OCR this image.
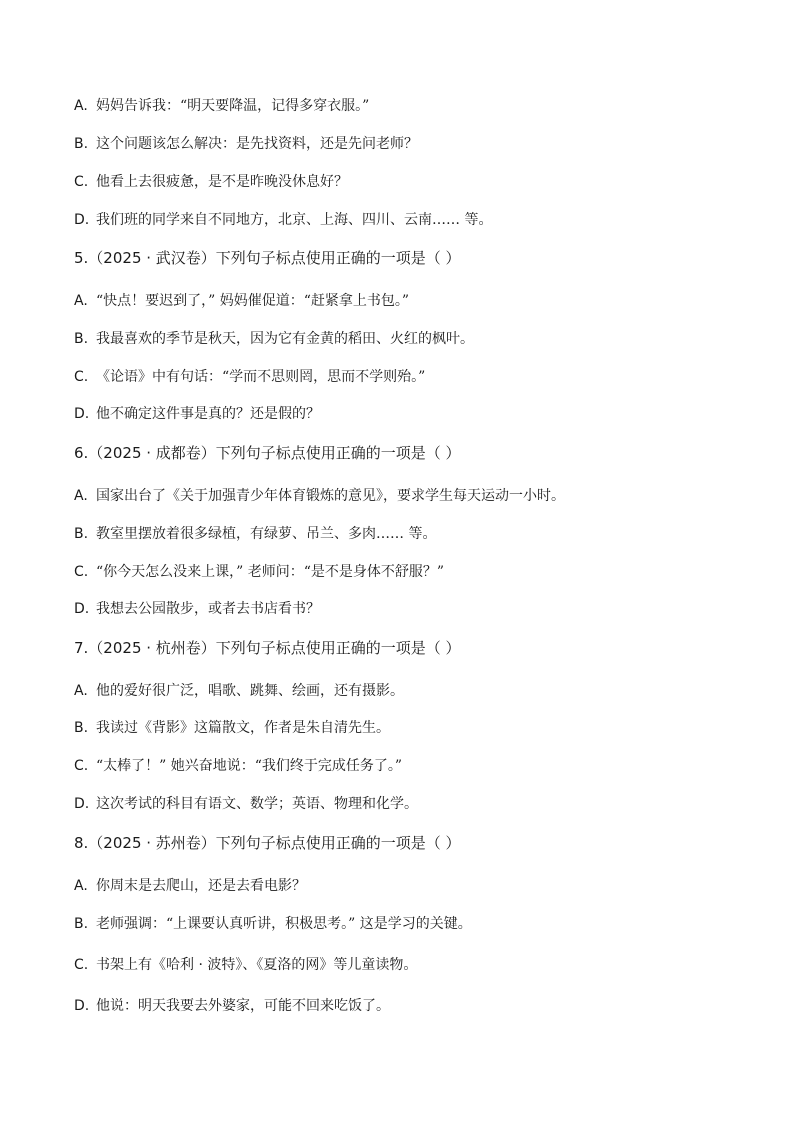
A. 妈妈告诉我：“明天要降温，记得多穿衣服。”
B. 这个问题该怎么解决：是先找资料，还是先问老师？
C. 他看上去很疲惫，是不是昨晚没休息好？
D. 我们班的同学来自不同地方，北京、上海、四川、云南…… 等。
5.（2025 · 武汉卷）下列句子标点使用正确的一项是（ ）
A. “快点！要迟到了，” 妈妈催促道：“赶紧拿上书包。”
B. 我最喜欢的季节是秋天，因为它有金黄的稻田、火红的枫叶。
C. 《论语》中有句话：“学而不思则罔，思而不学则殆。”
D. 他不确定这件事是真的？还是假的？
6.（2025 · 成都卷）下列句子标点使用正确的一项是（ ）
A. 国家出台了《关于加强青少年体育锻炼的意见》，要求学生每天运动一小时。
B. 教室里摆放着很多绿植，有绿萝、吊兰、多肉…… 等。
C. “你今天怎么没来上课，” 老师问：“是不是身体不舒服？”
D. 我想去公园散步，或者去书店看书？
7.（2025 · 杭州卷）下列句子标点使用正确的一项是（ ）
A. 他的爱好很广泛，唱歌、跳舞、绘画，还有摄影。
B. 我读过《背影》这篇散文，作者是朱自清先生。
C. “太棒了！” 她兴奋地说：“我们终于完成任务了。”
D. 这次考试的科目有语文、数学；英语、物理和化学。
8.（2025 · 苏州卷）下列句子标点使用正确的一项是（ ）
A. 你周末是去爬山，还是去看电影？
B. 老师强调：“上课要认真听讲，积极思考。” 这是学习的关键。
C. 书架上有《哈利 · 波特》、《夏洛的网》等儿童读物。
D. 他说：明天我要去外婆家，可能不回来吃饭了。
